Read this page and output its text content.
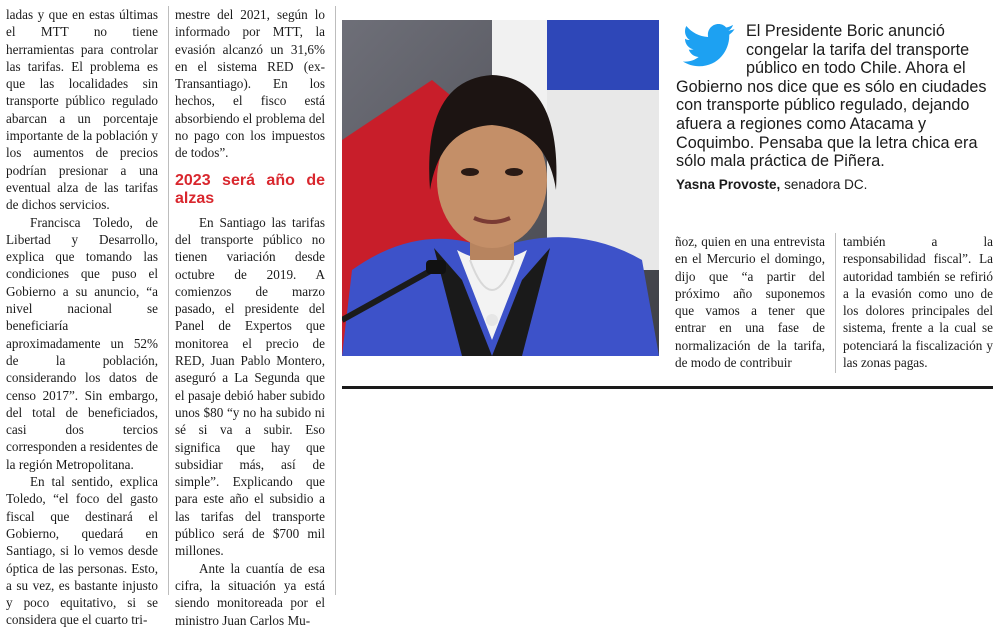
ladas y que en estas últimas el MTT no tiene herramientas para controlar las tarifas. El problema es que las localidades sin transporte público regulado abarcan a un porcentaje importante de la población y los aumentos de precios podrían presionar a una eventual alza de las tarifas de dichos servicios.

Francisca Toledo, de Libertad y Desarrollo, explica que tomando las condiciones que puso el Gobierno a su anuncio, “a nivel nacional se beneficiaría aproximadamente un 52% de la población, considerando los datos de censo 2017”. Sin embargo, del total de beneficiados, casi dos tercios corresponden a residentes de la región Metropolitana.

En tal sentido, explica Toledo, “el foco del gasto fiscal que destinará el Gobierno, quedará en Santiago, si lo vemos desde óptica de las personas. Esto, a su vez, es bastante injusto y poco equitativo, si se considera que el cuarto tri-

mestre del 2021, según lo informado por MTT, la evasión alcanzó un 31,6% en el sistema RED (ex-Transantiago). En los hechos, el fisco está absorbiendo el problema del no pago con los impuestos de todos”.

2023 será año de alzas

En Santiago las tarifas del transporte público no tienen variación desde octubre de 2019. A comienzos de marzo pasado, el presidente del Panel de Expertos que monitorea el precio de RED, Juan Pablo Montero, aseguró a La Segunda que el pasaje debió haber subido unos $80 “y no ha subido ni sé si va a subir. Eso significa que hay que subsidiar más, así de simple”. Explicando que para este año el subsidio a las tarifas del transporte público será de $700 mil millones.

Ante la cuantía de esa cifra, la situación ya está siendo monitoreada por el ministro Juan Carlos Mu-

El Presidente Boric anunció congelar la tarifa del transporte público en todo Chile. Ahora el Gobierno nos dice que es sólo en ciudades con transporte público regulado, dejando afuera a regiones como Atacama y Coquimbo. Pensaba que la letra chica era sólo mala práctica de Piñera.
Yasna Provoste, senadora DC.

ñoz, quien en una entrevista en el Mercurio el domingo, dijo que “a partir del próximo año suponemos que vamos a tener que entrar en una fase de normalización de la tarifa, de modo de contribuir

también a la responsabilidad fiscal”. La autoridad también se refirió a la evasión como uno de los dolores principales del sistema, frente a la cual se potenciará la fiscalización y las zonas pagas.
